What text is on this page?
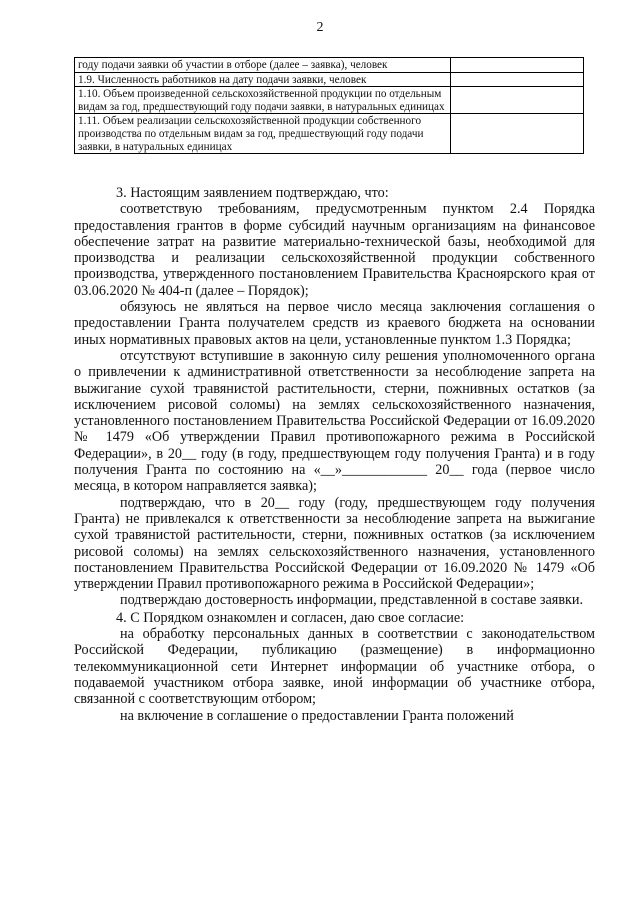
2
году подачи заявки об участии в отборе (далее – заявка), человек	
1.9. Численность работников на дату подачи заявки, человек	
1.10. Объем произведенной сельскохозяйственной продукции по отдельным видам за год, предшествующий году подачи заявки, в натуральных единицах	
1.11. Объем реализации сельскохозяйственной продукции собственного производства по отдельным видам за год, предшествующий году подачи заявки, в натуральных единицах	

3. Настоящим заявлением подтверждаю, что:

соответствую требованиям, предусмотренным пунктом 2.4 Порядка предоставления грантов в форме субсидий научным организациям на финансовое обеспечение затрат на развитие материально-технической базы, необходимой для производства и реализации сельскохозяйственной продукции собственного производства, утвержденного постановлением Правительства Красноярского края от 03.06.2020 № 404-п (далее – Порядок);

обязуюсь не являться на первое число месяца заключения соглашения о предоставлении Гранта получателем средств из краевого бюджета на основании иных нормативных правовых актов на цели, установленные пунктом 1.3 Порядка;

отсутствуют вступившие в законную силу решения уполномоченного органа о привлечении к административной ответственности за несоблюдение запрета на выжигание сухой травянистой растительности, стерни, пожнивных остатков (за исключением рисовой соломы) на землях сельскохозяйственного назначения, установленного постановлением Правительства Российской Федерации от 16.09.2020 № 1479 «Об утверждении Правил противопожарного режима в Российской Федерации», в 20__ году (в году, предшествующем году получения Гранта) и в году получения Гранта по состоянию на «__»____________ 20__ года (первое число месяца, в котором направляется заявка);

подтверждаю, что в 20__ году (году, предшествующем году получения Гранта) не привлекался к ответственности за несоблюдение запрета на выжигание сухой травянистой растительности, стерни, пожнивных остатков (за исключением рисовой соломы) на землях сельскохозяйственного назначения, установленного постановлением Правительства Российской Федерации от 16.09.2020 № 1479 «Об утверждении Правил противопожарного режима в Российской Федерации»;

подтверждаю достоверность информации, представленной в составе заявки.

4. С Порядком ознакомлен и согласен, даю свое согласие:

на обработку персональных данных в соответствии с законодательством Российской Федерации, публикацию (размещение) в информационно телекоммуникационной сети Интернет информации об участнике отбора, о подаваемой участником отбора заявке, иной информации об участнике отбора, связанной с соответствующим отбором;

на включение в соглашение о предоставлении Гранта положений
